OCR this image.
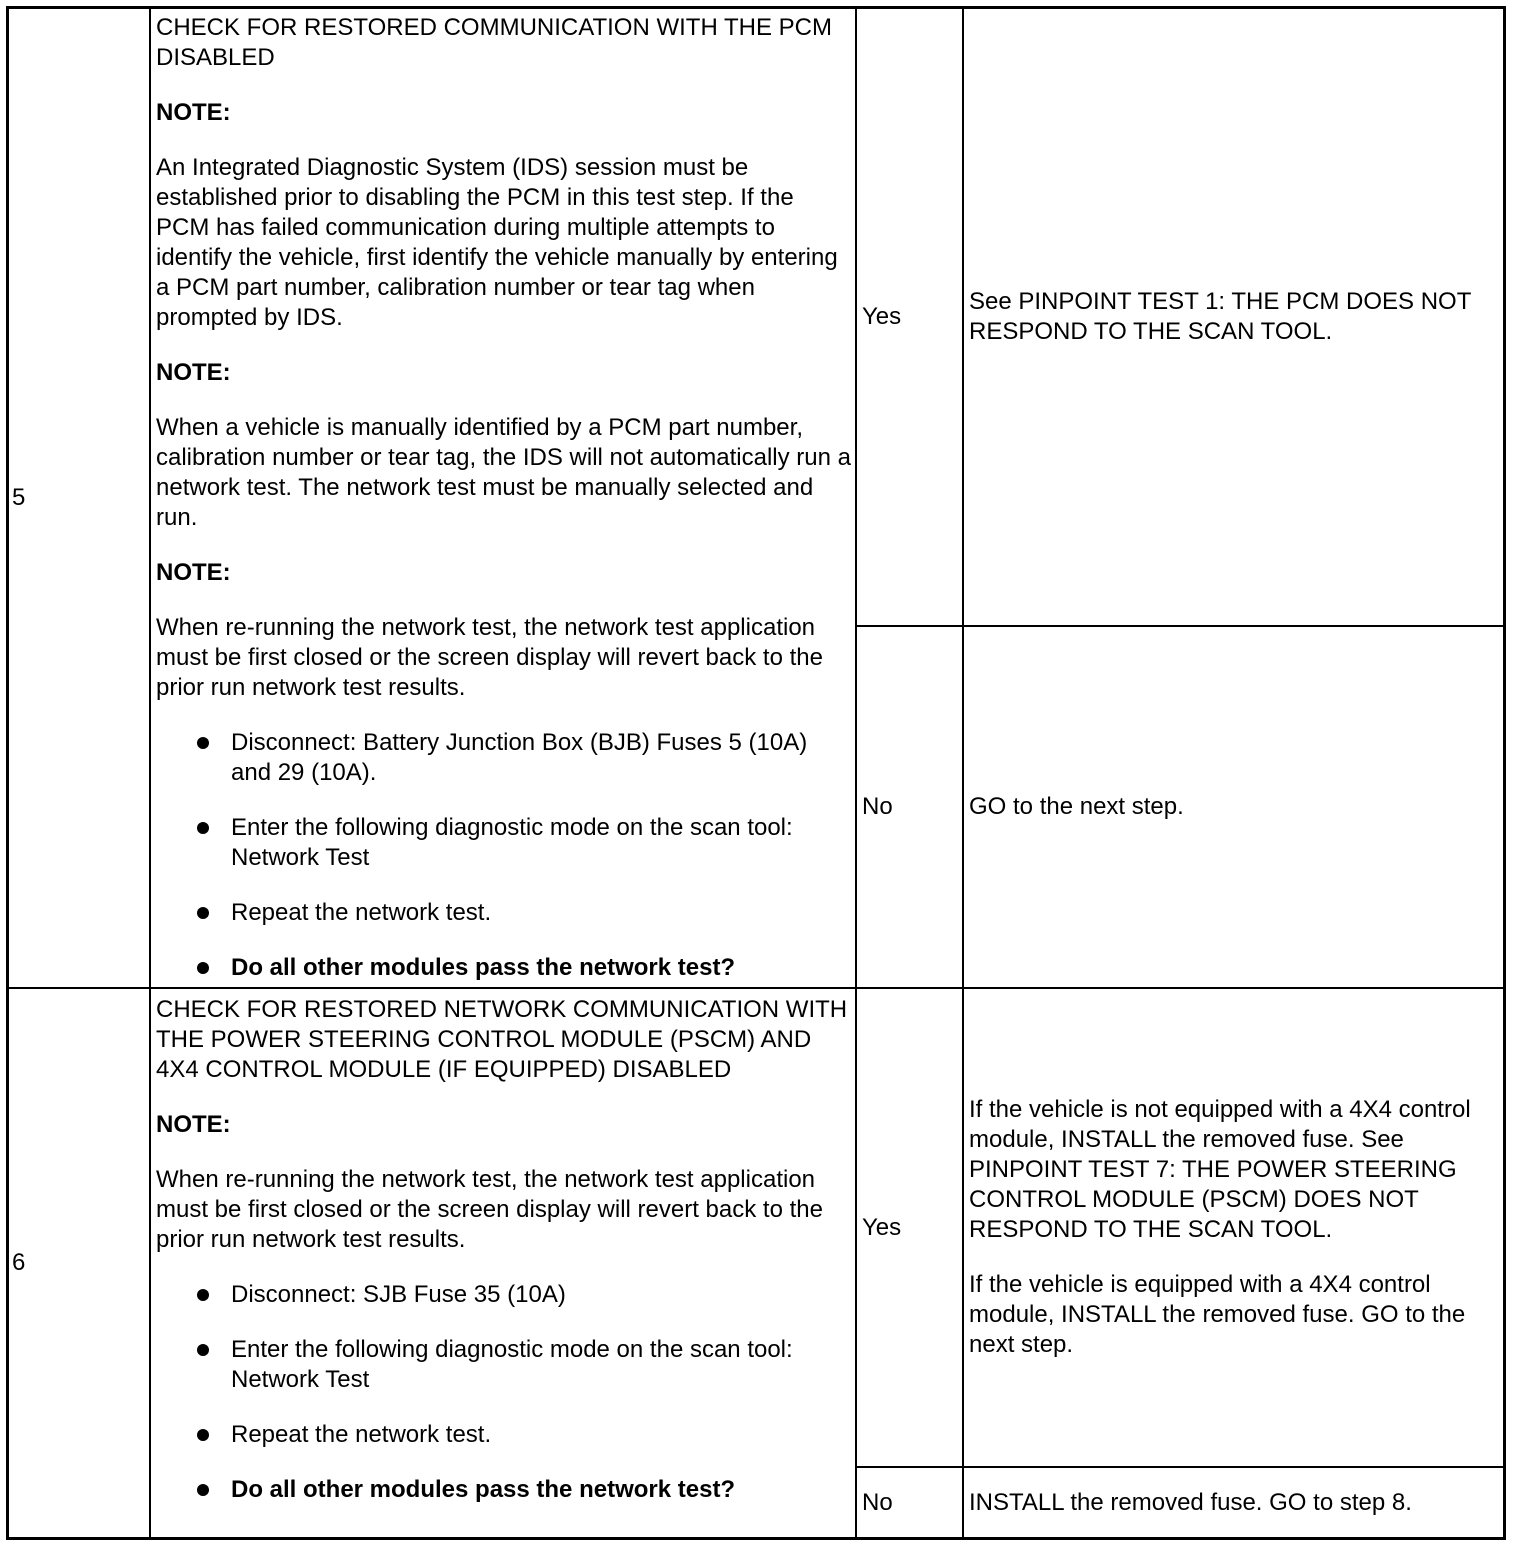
5

CHECK FOR RESTORED COMMUNICATION WITH THE PCM DISABLED

NOTE:

An Integrated Diagnostic System (IDS) session must be established prior to disabling the PCM in this test step. If the PCM has failed communication during multiple attempts to identify the vehicle, first identify the vehicle manually by entering a PCM part number, calibration number or tear tag when prompted by IDS.

NOTE:

When a vehicle is manually identified by a PCM part number, calibration number or tear tag, the IDS will not automatically run a network test. The network test must be manually selected and run.

NOTE:

When re-running the network test, the network test application must be first closed or the screen display will revert back to the prior run network test results.

Disconnect: Battery Junction Box (BJB) Fuses 5 (10A) and 29 (10A).
Enter the following diagnostic mode on the scan tool: Network Test
Repeat the network test.
Do all other modules pass the network test?
Yes

See PINPOINT TEST 1: THE PCM DOES NOT RESPOND TO THE SCAN TOOL.

No	GO to the next step.

6

CHECK FOR RESTORED NETWORK COMMUNICATION WITH THE POWER STEERING CONTROL MODULE (PSCM) AND 4X4 CONTROL MODULE (IF EQUIPPED) DISABLED

NOTE:

When re-running the network test, the network test application must be first closed or the screen display will revert back to the prior run network test results.

Disconnect: SJB Fuse 35 (10A)
Enter the following diagnostic mode on the scan tool: Network Test
Repeat the network test.
Do all other modules pass the network test?
Yes

If the vehicle is not equipped with a 4X4 control module, INSTALL the removed fuse. See PINPOINT TEST 7: THE POWER STEERING CONTROL MODULE (PSCM) DOES NOT RESPOND TO THE SCAN TOOL.

If the vehicle is equipped with a 4X4 control module, INSTALL the removed fuse. GO to the next step.

No	INSTALL the removed fuse. GO to step 8.
